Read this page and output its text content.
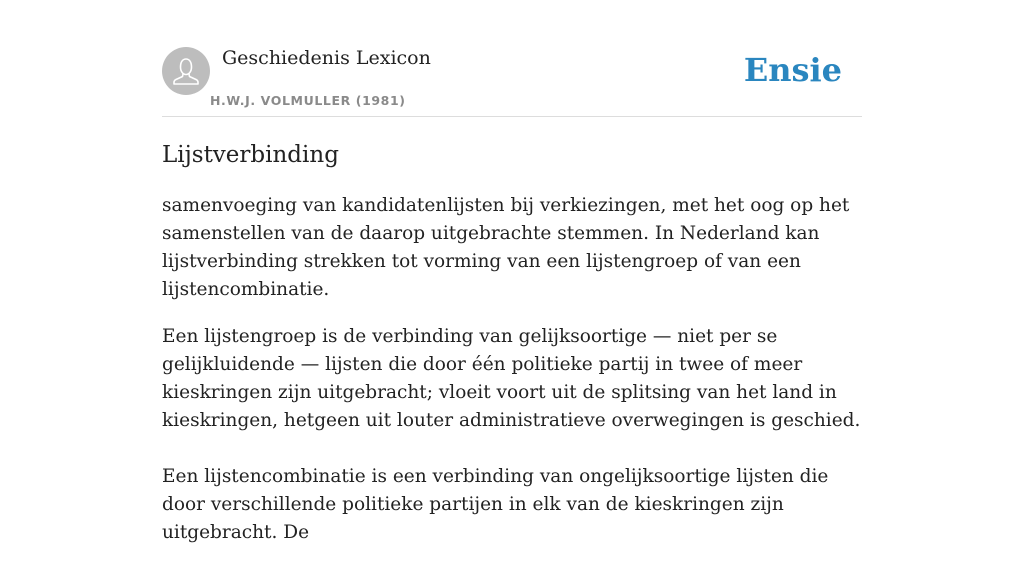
Geschiedenis Lexicon
H.W.J. VOLMULLER (1981)
Ensie
Lijstverbinding

samenvoeging van kandidatenlijsten bij verkiezingen, met het oog op het samenstellen van de daarop uitgebrachte stemmen. In Nederland kan lijstverbinding strekken tot vorming van een lijstengroep of van een lijstencombinatie.

Een lijstengroep is de verbinding van gelijksoortige — niet per se gelijkluidende — lijsten die door één politieke partij in twee of meer kieskringen zijn uitgebracht; vloeit voort uit de splitsing van het land in kieskringen, hetgeen uit louter administratieve overwegingen is geschied.

Een lijstencombinatie is een verbinding van ongelijksoortige lijsten die door verschillende politieke partijen in elk van de kieskringen zijn uitgebracht. De
